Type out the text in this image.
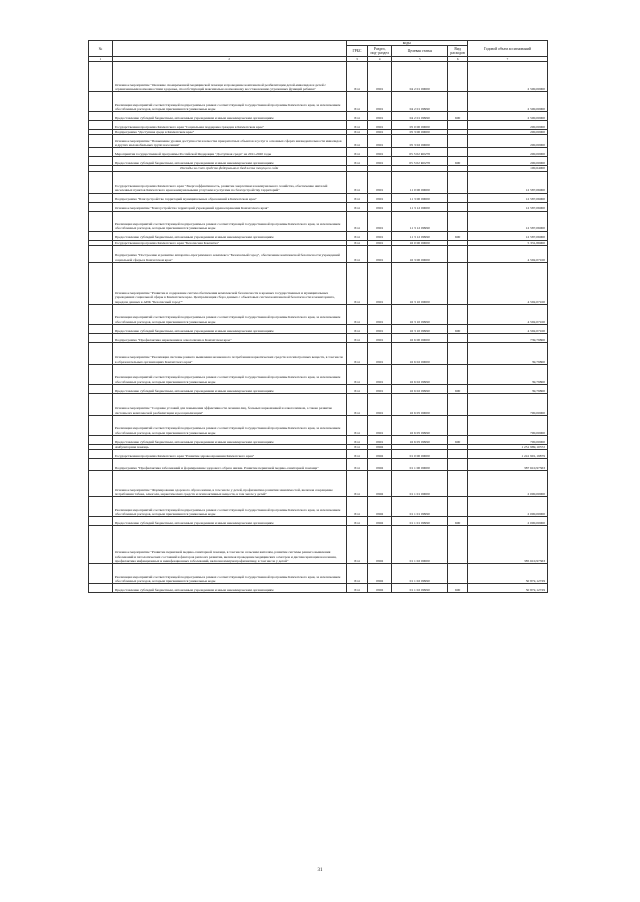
№		коды				Годовой объем ассигнований
		ГРБС	Раздел, под- раздел	Целевая статья	Вид расходов	
1	2	3	4	5	6	7
	Основное мероприятие "Оказание своевременной медицинской помощи и проведение комплексной реабилитации детей-инвалидов и детей с ограниченными возможностями здоровья, способствующей максимально возможному восстановлению утраченных функций ребенка"	814	0901	04 2 01 00000		2 500,00000
	Реализация мероприятий соответствующей подпрограммы в рамках соответствующей государственной программы Камчатского края, за исключением обособленных расходов, которым присваиваются уникальные коды	814	0901	04 2 01 09990		2 500,00000
	Предоставление субсидий бюджетным, автономным учреждениям и иным некоммерческим организациям	814	0901	04 2 01 09990	600	2 500,00000
	Государственная программа Камчатского края "Социальная поддержка граждан в Камчатском крае"	814	0901	05 0 00 00000		200,00000
	Подпрограмма "Доступная среда в Камчатском крае"	814	0901	05 3 00 00000		200,00000
	Основное мероприятие "Повышение уровня доступности и качества приоритетных объектов и услуг в основных сферах жизнедеятельности инвалидов и других маломобильных групп населения"	814	0901	05 3 02 00000		200,00000
	Мероприятия государственной программы Российской Федерации "Доступная среда" на 2011-2020 годы	814	0901	05 3 02 R0270		200,00000
	Предоставление субсидий бюджетным, автономным учреждениям и иным некоммерческим организациям	814	0901	05 3 02 R0270	600	200,00000
	Расходы за счет средств федерального бюджета текущего года					100,64000
	Государственная программа Камчатского края "Энергоэффективность, развитие энергетики и коммунального хозяйства, обеспечение жителей населенных пунктов Камчатского края коммунальными услугами и услугами по благоустройству территорий"	814	0901	11 0 00 00000		12 587,06000
	Подпрограмма "Благоустройство территорий муниципальных образований в Камчатском крае"	814	0901	11 3 00 00000		12 587,06000
	Основное мероприятие "Благоустройство территорий учреждений здравоохранения Камчатского края"	814	0901	11 3 12 00000		12 587,06000
	Реализация мероприятий соответствующей подпрограммы в рамках соответствующей государственной программы Камчатского края, за исключением обособленных расходов, которым присваиваются уникальные коды	814	0901	11 3 12 09990		12 587,06000
	Предоставление субсидий бюджетным, автономным учреждениям и иным некоммерческим организациям	814	0901	11 3 12 09990	600	12 587,06000
	Государственная программа Камчатского края "Безопасная Камчатка"	814	0901	16 0 00 00000		5 331,86900
	Подпрограмма "Построение и развитие аппаратно-программного комплекса "Безопасный город", обеспечение комплексной безопасности учреждений социальной сферы в Камчатском крае"	814	0901	16 3 00 00000		4 592,07100
	Основное мероприятие "Развитие и содержание систем обеспечения комплексной безопасности в краевых государственных и муниципальных учреждениях социальной сферы в Камчатском крае. Централизация сбора данных с объектовых систем комплексной безопасности и мониторинга, передача данных в АПК "Безопасный город""	814	0901	16 3 10 00000		4 592,07100
	Реализация мероприятий соответствующей подпрограммы в рамках соответствующей государственной программы Камчатского края, за исключением обособленных расходов, которым присваиваются уникальные коды	814	0901	16 3 10 09990		4 592,07100
	Предоставление субсидий бюджетным, автономным учреждениям и иным некоммерческим организациям	814	0901	16 3 10 09990	600	4 592,07100
	Подпрограмма "Профилактика наркомании и алкоголизма в Камчатском крае"	814	0901	16 6 00 00000		739,79800
	Основное мероприятие "Реализация системы раннего выявления незаконного потребления наркотических средств и психотропных веществ, в том числе в образовательных организациях Камчатского края"	814	0901	16 6 02 00000		39,79800
	Реализация мероприятий соответствующей подпрограммы в рамках соответствующей государственной программы Камчатского края, за исключением обособленных расходов, которым присваиваются уникальные коды	814	0901	16 6 02 09990		39,79800
	Предоставление субсидий бюджетным, автономным учреждениям и иным некоммерческим организациям	814	0901	16 6 02 09990	600	39,79800
	Основное мероприятие "Создание условий для повышения эффективности лечения лиц, больных наркоманией и алкоголизмом, а также развитие системы их комплексной реабилитации и ресоциализации"	814	0901	16 6 05 00000		700,00000
	Реализация мероприятий соответствующей подпрограммы в рамках соответствующей государственной программы Камчатского края, за исключением обособленных расходов, которым присваиваются уникальные коды	814	0901	16 6 05 09990		700,00000
	Предоставление субсидий бюджетным, автономным учреждениям и иным некоммерческим организациям	814	0901	16 6 05 09990	600	700,00000
	Амбулаторная помощь	814	0902			1 251 989,10372
	Государственная программа Камчатского края "Развитие здравоохранения Камчатского края"	814	0902	01 0 00 00000		1 241 901,19879
	Подпрограмма "Профилактика заболеваний и формирование здорового образа жизни. Развитие первичной медико-санитарной помощи"	814	0902	01 1 00 00000		387 610,97363
	Основное мероприятие "Формирование здорового образа жизни, в том числе у детей, профилактика развития зависимостей, включая сокращение потребления табака, алкоголя, наркотических средств и психоактивных веществ, в том числе у детей"	814	0902	01 1 01 00000		2 000,00000
	Реализация мероприятий соответствующей подпрограммы в рамках соответствующей государственной программы Камчатского края, за исключением обособленных расходов, которым присваиваются уникальные коды	814	0902	01 1 01 09990		2 000,00000
	Предоставление субсидий бюджетным, автономным учреждениям и иным некоммерческим организациям	814	0902	01 1 01 09990	600	2 000,00000
	Основное мероприятие "Развитие первичной медико-санитарной помощи, в том числе сельским жителям, развитие системы раннего выявления заболеваний и патологических состояний и факторов риска их развития, включая проведение медицинских осмотров и диспансеризации населения, профилактика инфекционных и неинфекционных заболеваний, включая иммунопрофилактику, в том числе у детей"	814	0902	01 1 02 00000		385 610,97363
	Реализация мероприятий соответствующей подпрограммы в рамках соответствующей государственной программы Камчатского края, за исключением обособленных расходов, которым присваиваются уникальные коды	814	0902	01 1 02 09990		50 872,12729
	Предоставление субсидий бюджетным, автономным учреждениям и иным некоммерческим организациям	814	0902	01 1 02 09990	600	50 872,12729
31
